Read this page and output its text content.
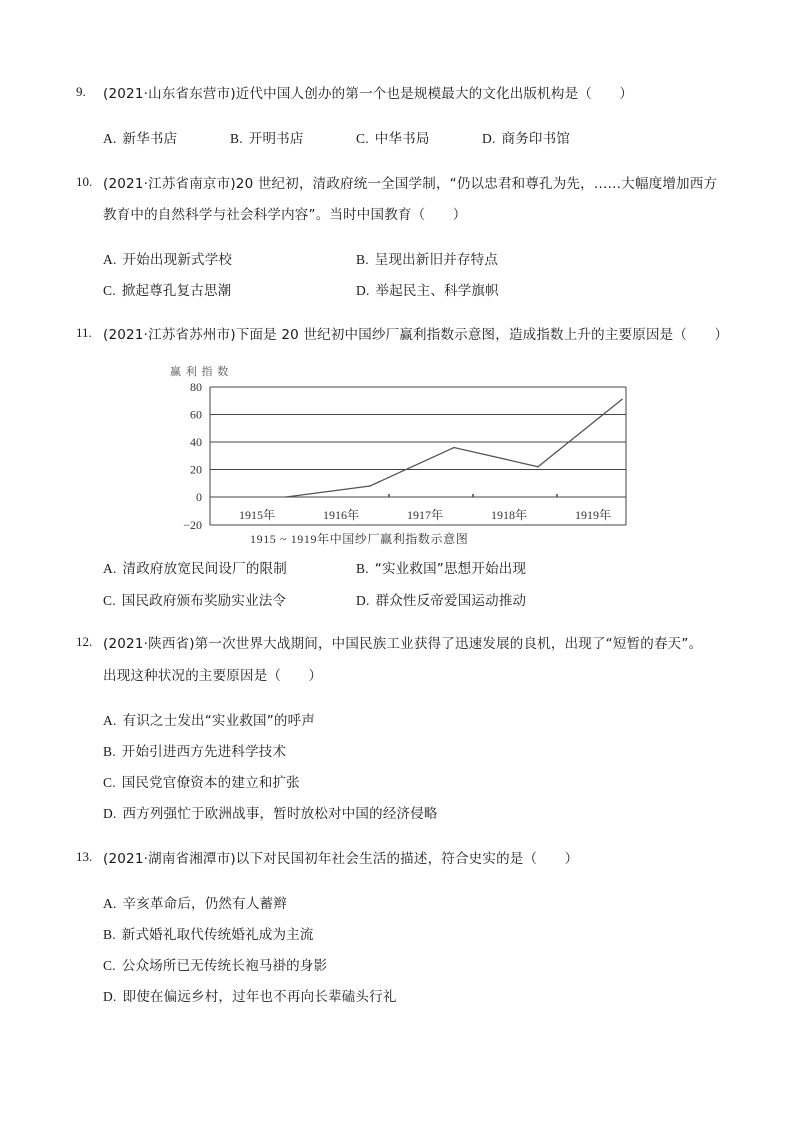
9. (2021·山东省东营市)近代中国人创办的第一个也是规模最大的文化出版机构是（　　）
A. 新华书店	B. 开明书店	C. 中华书局	D. 商务印书馆
10. (2021·江苏省南京市)20 世纪初，清政府统一全国学制，“仍以忠君和尊孔为先，……大幅度增加西方
教育中的自然科学与社会科学内容”。当时中国教育（　　）
A. 开始出现新式学校	B. 呈现出新旧并存特点
C. 掀起尊孔复古思潮	D. 举起民主、科学旗帜
11. (2021·江苏省苏州市)下面是 20 世纪初中国纱厂赢利指数示意图，造成指数上升的主要原因是（　　）
赢 利 指 数
80
60
40
20
0
−20
1915年	1916年	1917年	1918年	1919年
1915 ~ 1919年中国纱厂赢利指数示意图
A. 清政府放宽民间设厂的限制	B. “实业救国”思想开始出现
C. 国民政府颁布奖励实业法令	D. 群众性反帝爱国运动推动
12. (2021·陕西省)第一次世界大战期间，中国民族工业获得了迅速发展的良机，出现了“短暂的春天”。
出现这种状况的主要原因是（　　）
A. 有识之士发出“实业救国”的呼声
B. 开始引进西方先进科学技术
C. 国民党官僚资本的建立和扩张
D. 西方列强忙于欧洲战事，暂时放松对中国的经济侵略
13. (2021·湖南省湘潭市)以下对民国初年社会生活的描述，符合史实的是（　　）
A. 辛亥革命后，仍然有人蓄辫
B. 新式婚礼取代传统婚礼成为主流
C. 公众场所已无传统长袍马褂的身影
D. 即使在偏远乡村，过年也不再向长辈磕头行礼
